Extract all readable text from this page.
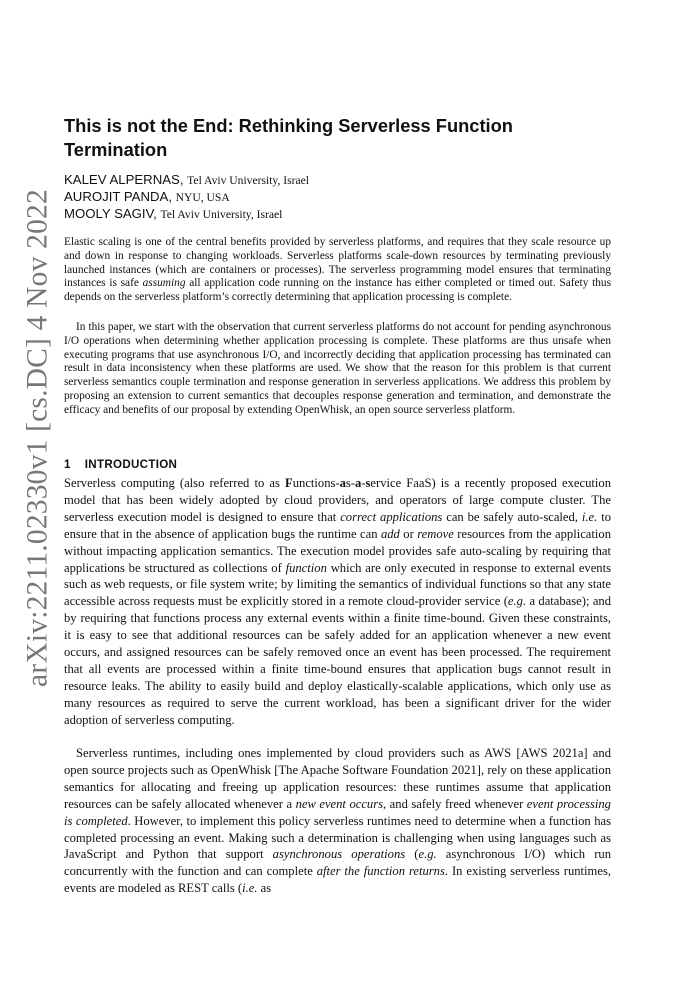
arXiv:2211.02330v1 [cs.DC] 4 Nov 2022
This is not the End: Rethinking Serverless Function Termination
KALEV ALPERNAS, Tel Aviv University, Israel
AUROJIT PANDA, NYU, USA
MOOLY SAGIV, Tel Aviv University, Israel

Elastic scaling is one of the central benefits provided by serverless platforms, and requires that they scale resource up and down in response to changing workloads. Serverless platforms scale-down resources by terminating previously launched instances (which are containers or processes). The serverless programming model ensures that terminating instances is safe assuming all application code running on the instance has either completed or timed out. Safety thus depends on the serverless platform’s correctly determining that application processing is complete.

In this paper, we start with the observation that current serverless platforms do not account for pending asynchronous I/O operations when determining whether application processing is complete. These platforms are thus unsafe when executing programs that use asynchronous I/O, and incorrectly deciding that application processing has terminated can result in data inconsistency when these platforms are used. We show that the reason for this problem is that current serverless semantics couple termination and response generation in serverless applications. We address this problem by proposing an extension to current semantics that decouples response generation and termination, and demonstrate the efficacy and benefits of our proposal by extending OpenWhisk, an open source serverless platform.

1 INTRODUCTION

Serverless computing (also referred to as Functions-as-a-service FaaS) is a recently proposed execution model that has been widely adopted by cloud providers, and operators of large compute cluster. The serverless execution model is designed to ensure that correct applications can be safely auto-scaled, i.e. to ensure that in the absence of application bugs the runtime can add or remove resources from the application without impacting application semantics. The execution model provides safe auto-scaling by requiring that applications be structured as collections of function which are only executed in response to external events such as web requests, or file system write; by limiting the semantics of individual functions so that any state accessible across requests must be explicitly stored in a remote cloud-provider service (e.g. a database); and by requiring that functions process any external events within a finite time-bound. Given these constraints, it is easy to see that additional resources can be safely added for an application whenever a new event occurs, and assigned resources can be safely removed once an event has been processed. The requirement that all events are processed within a finite time-bound ensures that application bugs cannot result in resource leaks. The ability to easily build and deploy elastically-scalable applications, which only use as many resources as required to serve the current workload, has been a significant driver for the wider adoption of serverless computing.

Serverless runtimes, including ones implemented by cloud providers such as AWS [AWS 2021a] and open source projects such as OpenWhisk [The Apache Software Foundation 2021], rely on these application semantics for allocating and freeing up application resources: these runtimes assume that application resources can be safely allocated whenever a new event occurs, and safely freed whenever event processing is completed. However, to implement this policy serverless runtimes need to determine when a function has completed processing an event. Making such a determination is challenging when using languages such as JavaScript and Python that support asynchronous operations (e.g. asynchronous I/O) which run concurrently with the function and can complete after the function returns. In existing serverless runtimes, events are modeled as REST calls (i.e. as
